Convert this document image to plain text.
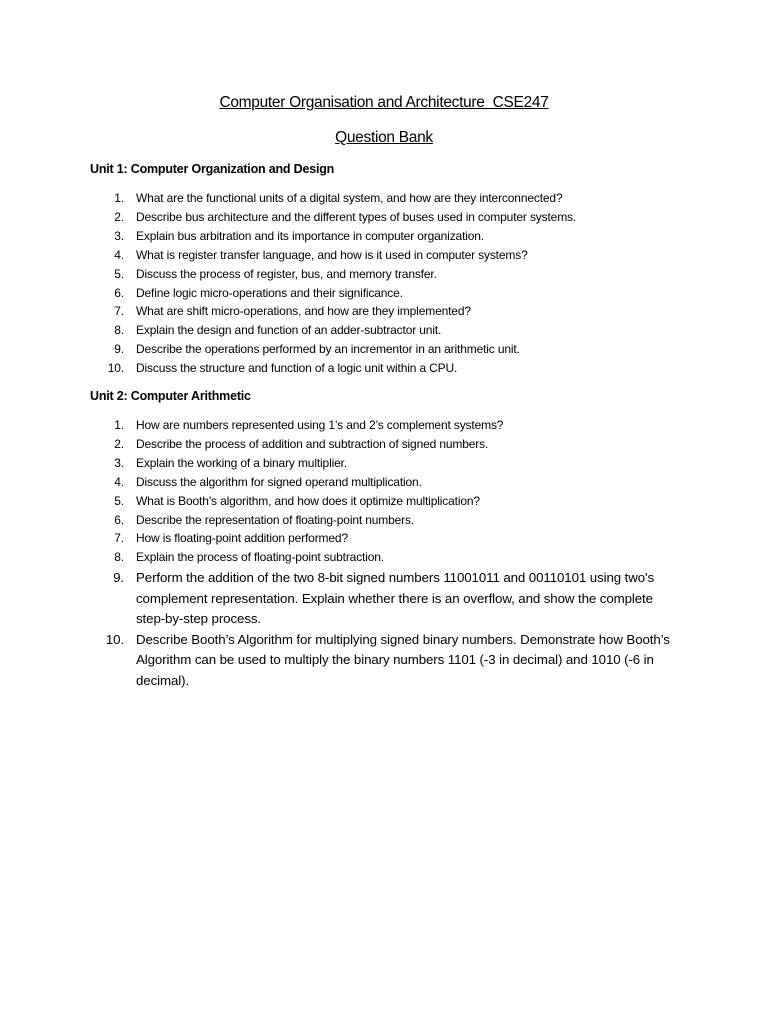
Computer Organisation and Architecture  CSE247
Question Bank
Unit 1: Computer Organization and Design
1. What are the functional units of a digital system, and how are they interconnected?
2. Describe bus architecture and the different types of buses used in computer systems.
3. Explain bus arbitration and its importance in computer organization.
4. What is register transfer language, and how is it used in computer systems?
5. Discuss the process of register, bus, and memory transfer.
6. Define logic micro-operations and their significance.
7. What are shift micro-operations, and how are they implemented?
8. Explain the design and function of an adder-subtractor unit.
9. Describe the operations performed by an incrementor in an arithmetic unit.
10. Discuss the structure and function of a logic unit within a CPU.
Unit 2: Computer Arithmetic
1. How are numbers represented using 1’s and 2’s complement systems?
2. Describe the process of addition and subtraction of signed numbers.
3. Explain the working of a binary multiplier.
4. Discuss the algorithm for signed operand multiplication.
5. What is Booth’s algorithm, and how does it optimize multiplication?
6. Describe the representation of floating-point numbers.
7. How is floating-point addition performed?
8. Explain the process of floating-point subtraction.
9. Perform the addition of the two 8-bit signed numbers 11001011 and 00110101 using two's complement representation. Explain whether there is an overflow, and show the complete step-by-step process.
10. Describe Booth’s Algorithm for multiplying signed binary numbers. Demonstrate how Booth’s Algorithm can be used to multiply the binary numbers 1101 (-3 in decimal) and 1010 (-6 in decimal).
